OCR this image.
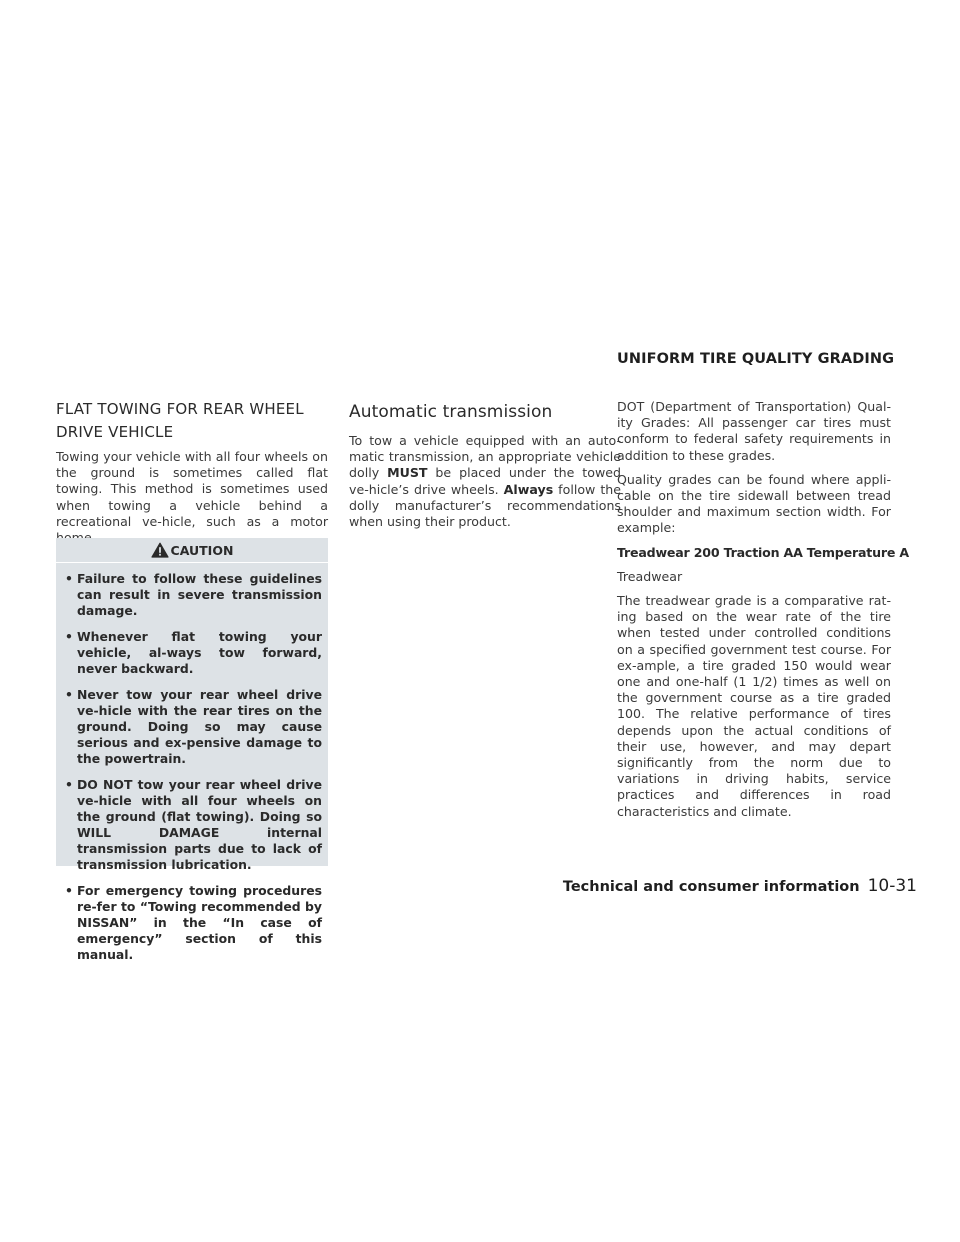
UNIFORM TIRE QUALITY GRADING
FLAT TOWING FOR REAR WHEEL DRIVE VEHICLE

Towing your vehicle with all four wheels on the ground is sometimes called flat towing. This method is sometimes used when towing a vehicle behind a recreational ve-hicle, such as a motor

CAUTION
• Failure to follow these guidelines can result in severe transmission damage.
• Whenever flat towing your vehicle, al-ways tow forward, never backward.
• Never tow your rear wheel drive ve-hicle with the rear tires on the ground. Doing so may cause serious and ex-pensive damage to the powertrain.
• DO NOT tow your rear wheel drive ve-hicle with all four wheels on the ground (flat towing). Doing so WILL DAMAGE internal transmission parts due to lack of transmission lubrication.
• For emergency towing procedures re-fer to “Towing recommended by NISSAN” in the “In case of emergency” section of this manual.
Automatic transmission

To tow a vehicle equipped with an auto-matic transmission, an appropriate vehicle dolly MUST be placed under the towed ve-hicle’s drive wheels. Always follow the dolly manufacturer’s recommendations when using their product.

DOT (Department of Transportation) Qual-ity Grades: All passenger car tires must conform to federal safety requirements in addition to these grades.

Quality grades can be found where appli-cable on the tire sidewall between tread shoulder and maximum section width. For example:

Treadwear 200 Traction AA Temperature A

Treadwear

The treadwear grade is a comparative rat-ing based on the wear rate of the tire when tested under controlled conditions on a specified government test course. For ex-ample, a tire graded 150 would wear one and one-half (1 1/2) times as well on the government course as a tire graded 100. The relative performance of tires depends upon the actual conditions of their use, however, and may depart significantly from the norm due to variations in driving habits, service practices and differences in road characteristics and climate.

Technical and consumer information 10-31
